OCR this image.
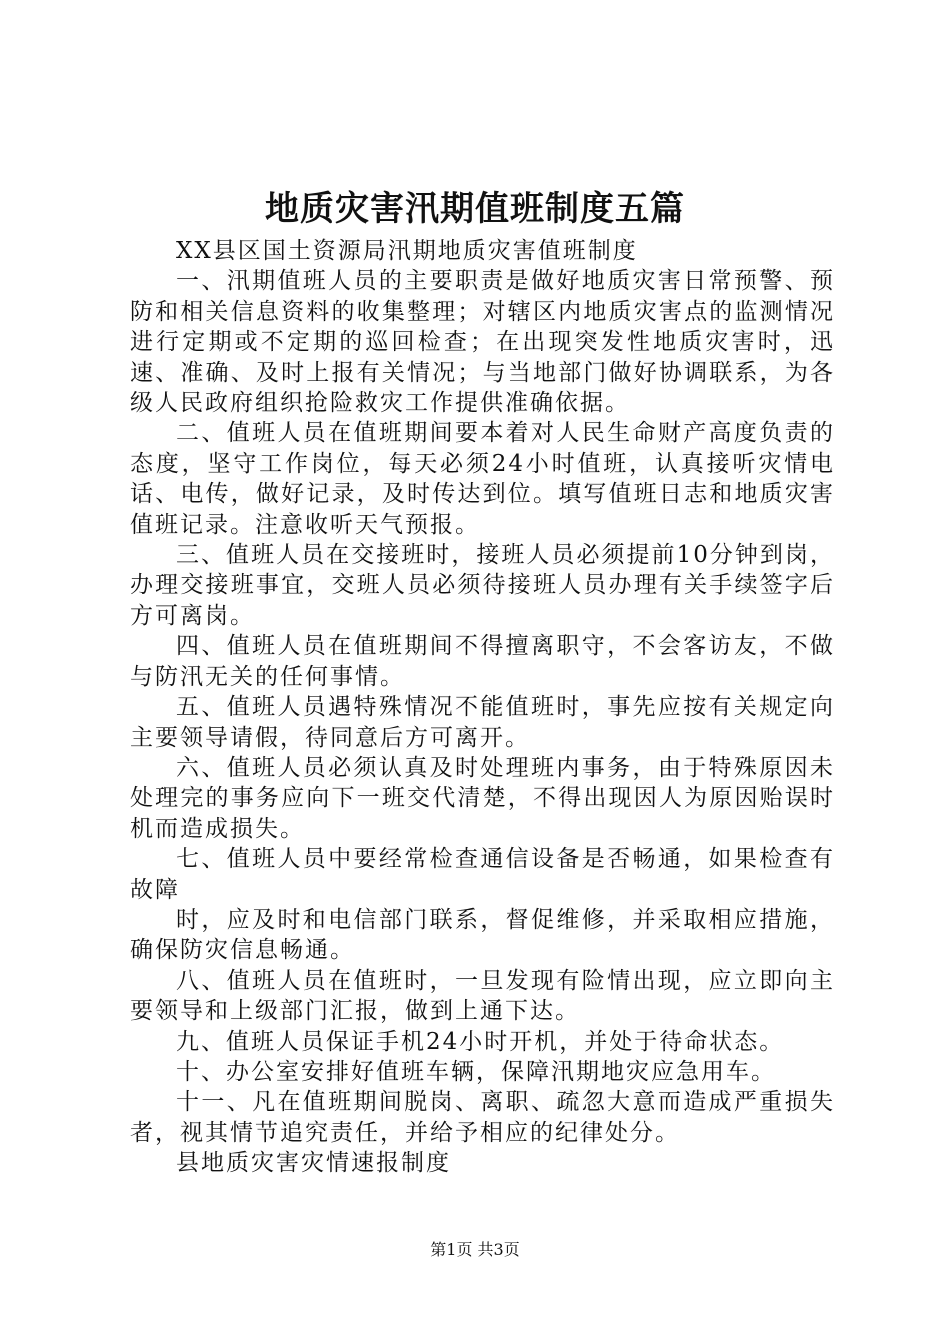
地质灾害汛期值班制度五篇

XX县区国土资源局汛期地质灾害值班制度

一、汛期值班人员的主要职责是做好地质灾害日常预警、预防和相关信息资料的收集整理；对辖区内地质灾害点的监测情况进行定期或不定期的巡回检查；在出现突发性地质灾害时，迅速、准确、及时上报有关情况；与当地部门做好协调联系，为各级人民政府组织抢险救灾工作提供准确依据。

二、值班人员在值班期间要本着对人民生命财产高度负责的态度，坚守工作岗位，每天必须24小时值班，认真接听灾情电话、电传，做好记录，及时传达到位。填写值班日志和地质灾害值班记录。注意收听天气预报。

三、值班人员在交接班时，接班人员必须提前10分钟到岗，办理交接班事宜，交班人员必须待接班人员办理有关手续签字后方可离岗。

四、值班人员在值班期间不得擅离职守，不会客访友，不做与防汛无关的任何事情。

五、值班人员遇特殊情况不能值班时，事先应按有关规定向主要领导请假，待同意后方可离开。

六、值班人员必须认真及时处理班内事务，由于特殊原因未处理完的事务应向下一班交代清楚，不得出现因人为原因贻误时机而造成损失。

七、值班人员中要经常检查通信设备是否畅通，如果检查有故障

时，应及时和电信部门联系，督促维修，并采取相应措施，确保防灾信息畅通。

八、值班人员在值班时，一旦发现有险情出现，应立即向主要领导和上级部门汇报，做到上通下达。

九、值班人员保证手机24小时开机，并处于待命状态。

十、办公室安排好值班车辆，保障汛期地灾应急用车。

十一、凡在值班期间脱岗、离职、疏忽大意而造成严重损失者，视其情节追究责任，并给予相应的纪律处分。

县地质灾害灾情速报制度

第1页 共3页
